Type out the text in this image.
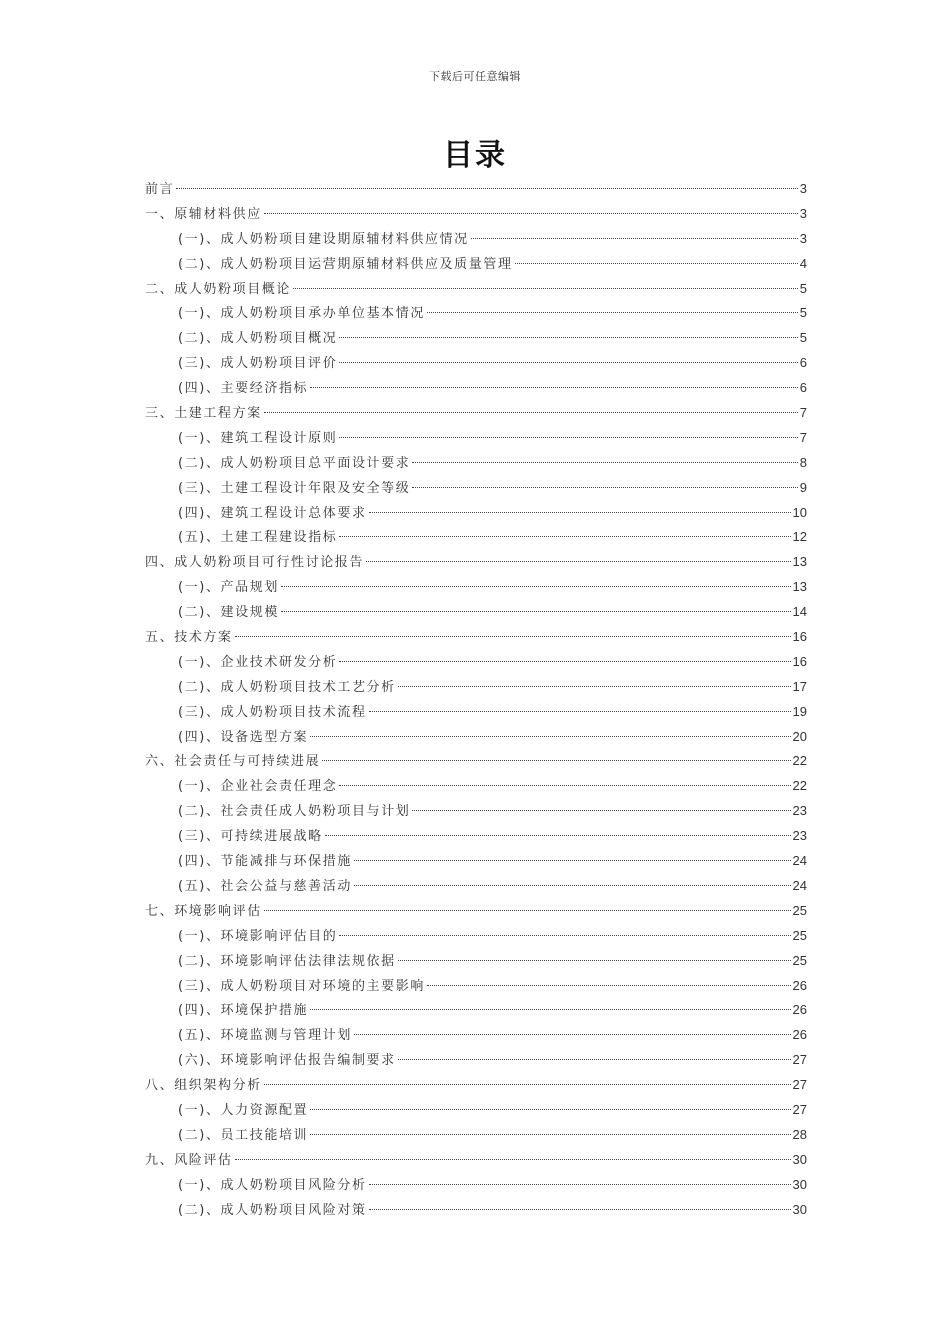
下载后可任意编辑
目录
前言	3
一、原辅材料供应	3
(一)、成人奶粉项目建设期原辅材料供应情况	3
(二)、成人奶粉项目运营期原辅材料供应及质量管理	4
二、成人奶粉项目概论	5
(一)、成人奶粉项目承办单位基本情况	5
(二)、成人奶粉项目概况	5
(三)、成人奶粉项目评价	6
(四)、主要经济指标	6
三、土建工程方案	7
(一)、建筑工程设计原则	7
(二)、成人奶粉项目总平面设计要求	8
(三)、土建工程设计年限及安全等级	9
(四)、建筑工程设计总体要求	10
(五)、土建工程建设指标	12
四、成人奶粉项目可行性讨论报告	13
(一)、产品规划	13
(二)、建设规模	14
五、技术方案	16
(一)、企业技术研发分析	16
(二)、成人奶粉项目技术工艺分析	17
(三)、成人奶粉项目技术流程	19
(四)、设备选型方案	20
六、社会责任与可持续进展	22
(一)、企业社会责任理念	22
(二)、社会责任成人奶粉项目与计划	23
(三)、可持续进展战略	23
(四)、节能减排与环保措施	24
(五)、社会公益与慈善活动	24
七、环境影响评估	25
(一)、环境影响评估目的	25
(二)、环境影响评估法律法规依据	25
(三)、成人奶粉项目对环境的主要影响	26
(四)、环境保护措施	26
(五)、环境监测与管理计划	26
(六)、环境影响评估报告编制要求	27
八、组织架构分析	27
(一)、人力资源配置	27
(二)、员工技能培训	28
九、风险评估	30
(一)、成人奶粉项目风险分析	30
(二)、成人奶粉项目风险对策	30
